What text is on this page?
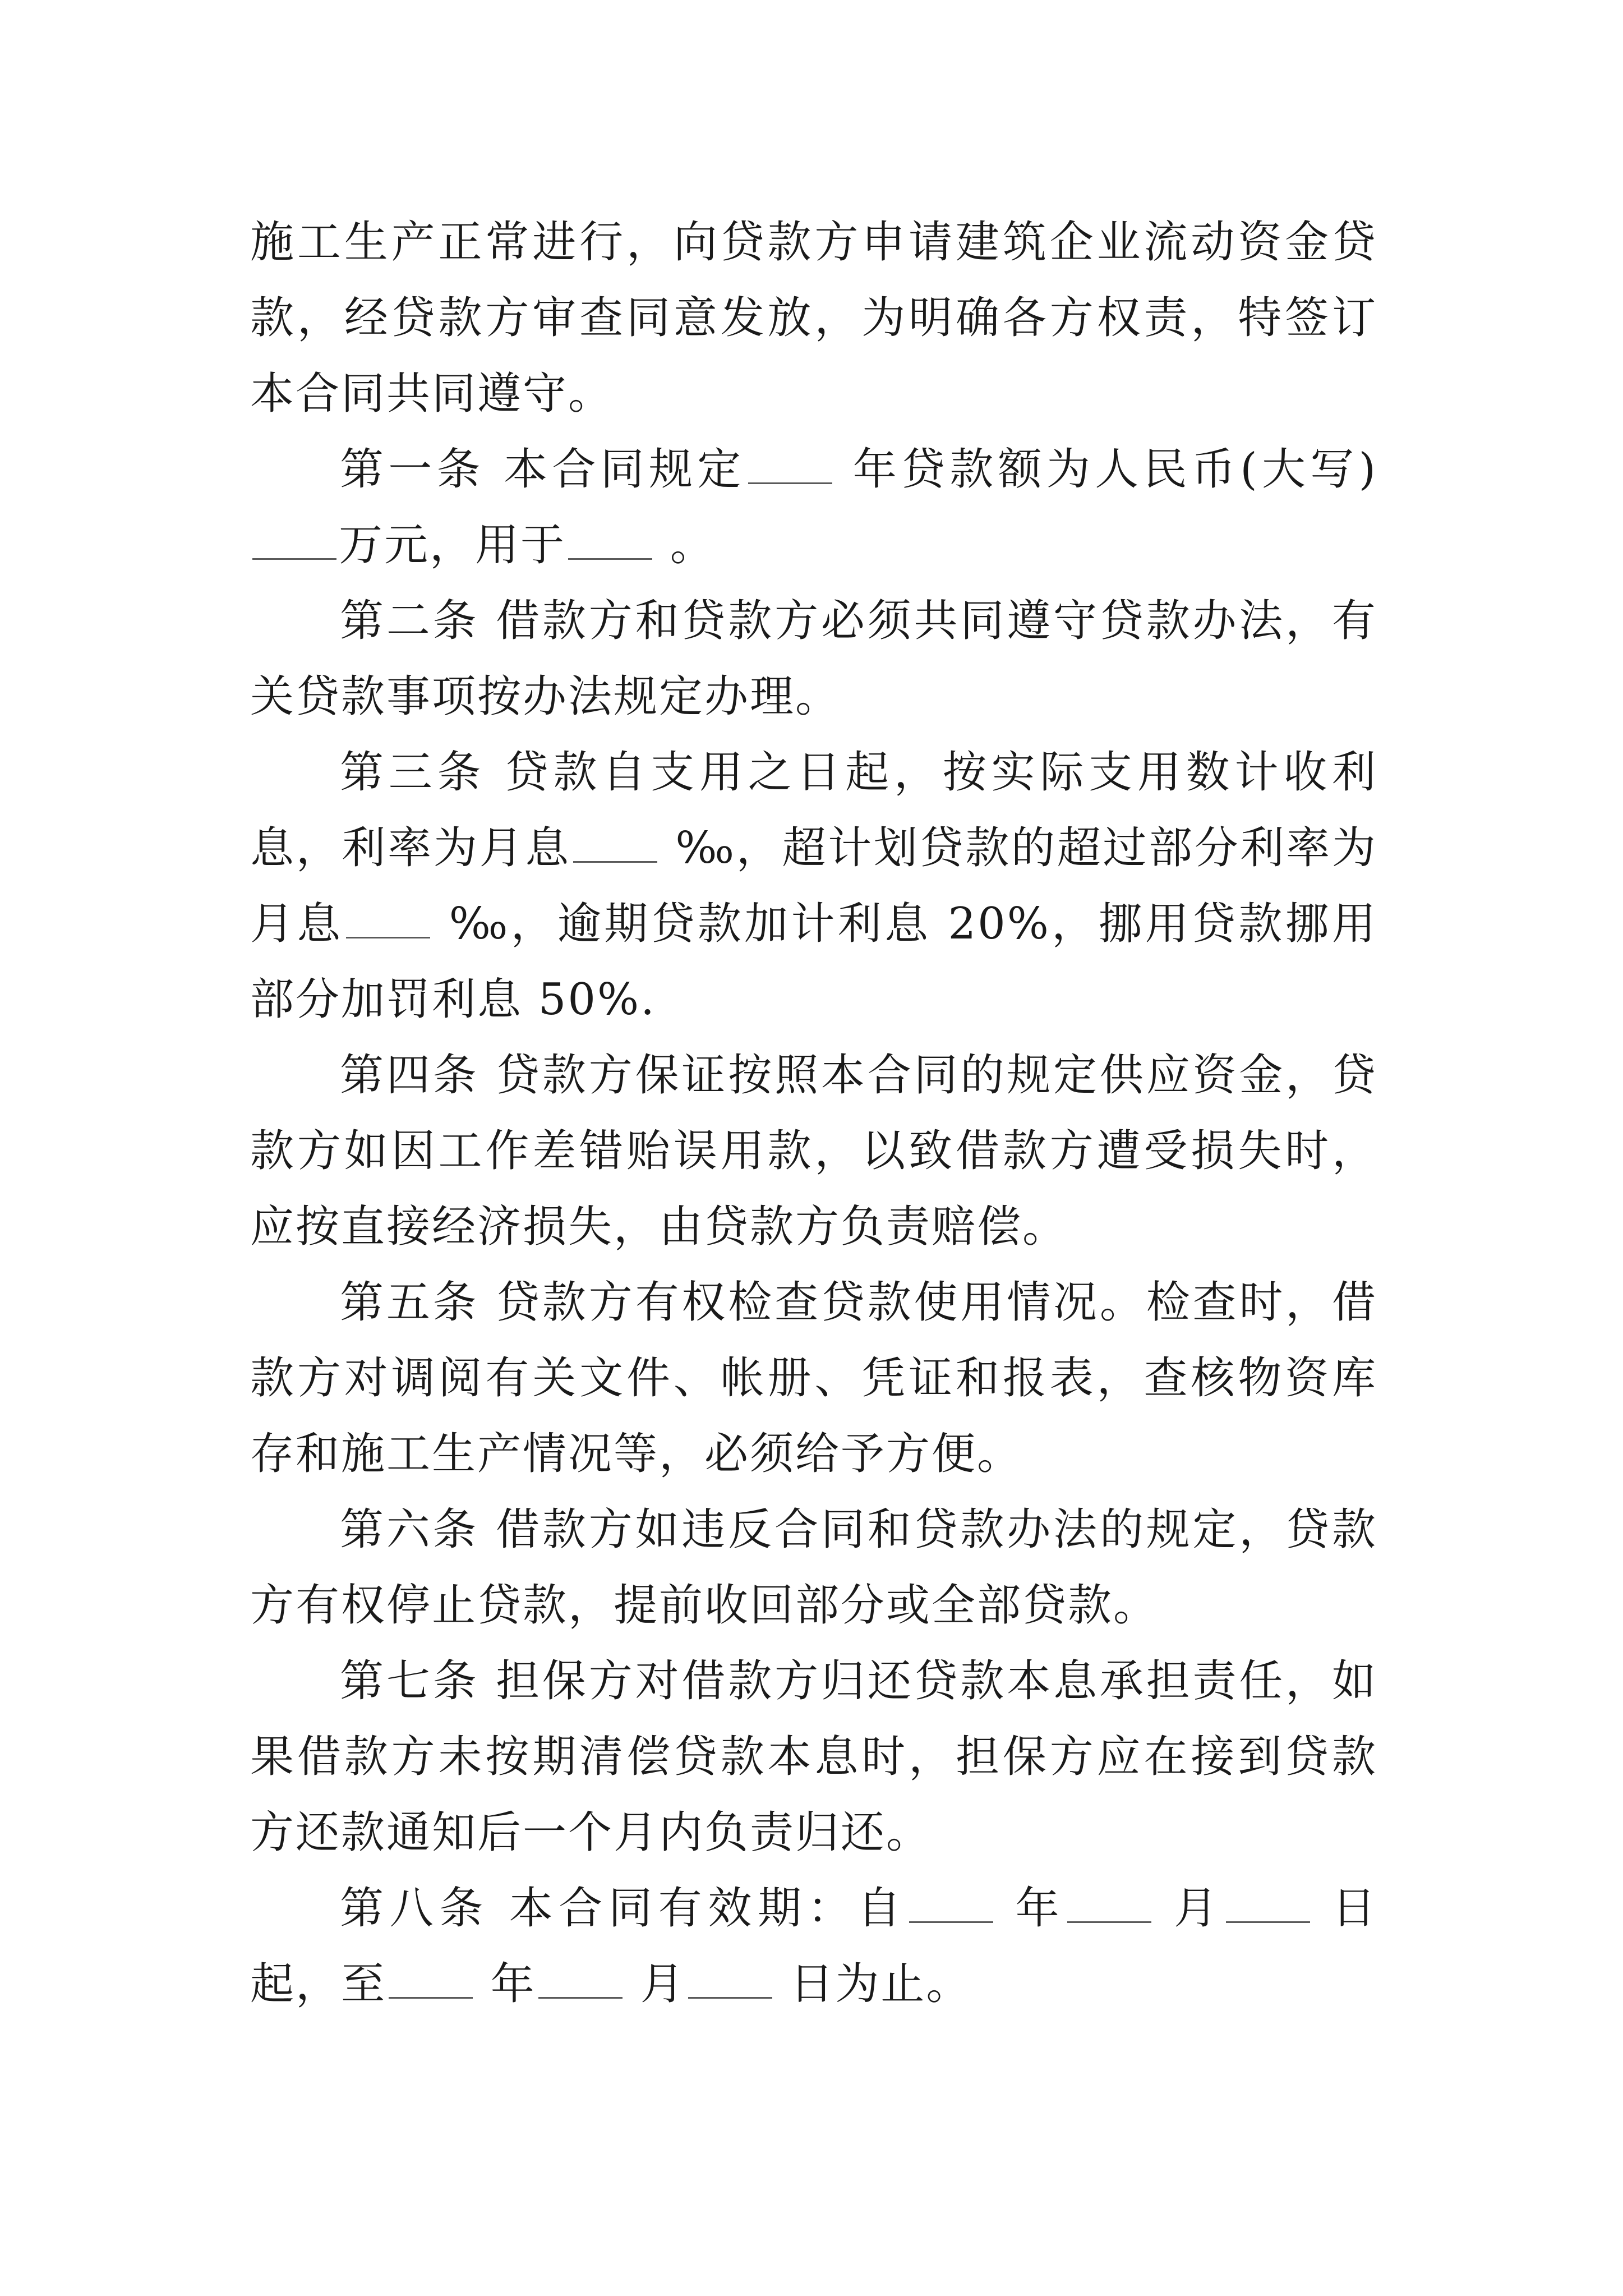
施工生产正常进行，向贷款方申请建筑企业流动资金贷款，经贷款方审查同意发放，为明确各方权责，特签订本合同共同遵守。

第一条 本合同规定 年贷款额为人民币(大写)万元，用于 。

第二条 借款方和贷款方必须共同遵守贷款办法，有关贷款事项按办法规定办理。

第三条 贷款自支用之日起，按实际支用数计收利息，利率为月息 ‰，超计划贷款的超过部分利率为月息 ‰，逾期贷款加计利息 20%，挪用贷款挪用部分加罚利息 50%.

第四条 贷款方保证按照本合同的规定供应资金，贷款方如因工作差错贻误用款，以致借款方遭受损失时，应按直接经济损失，由贷款方负责赔偿。

第五条 贷款方有权检查贷款使用情况。检查时，借款方对调阅有关文件、帐册、凭证和报表，查核物资库存和施工生产情况等，必须给予方便。

第六条 借款方如违反合同和贷款办法的规定，贷款方有权停止贷款，提前收回部分或全部贷款。

第七条 担保方对借款方归还贷款本息承担责任，如果借款方未按期清偿贷款本息时，担保方应在接到贷款方还款通知后一个月内负责归还。

第八条 本合同有效期：自 年 月 日起，至 年 月 日为止。
